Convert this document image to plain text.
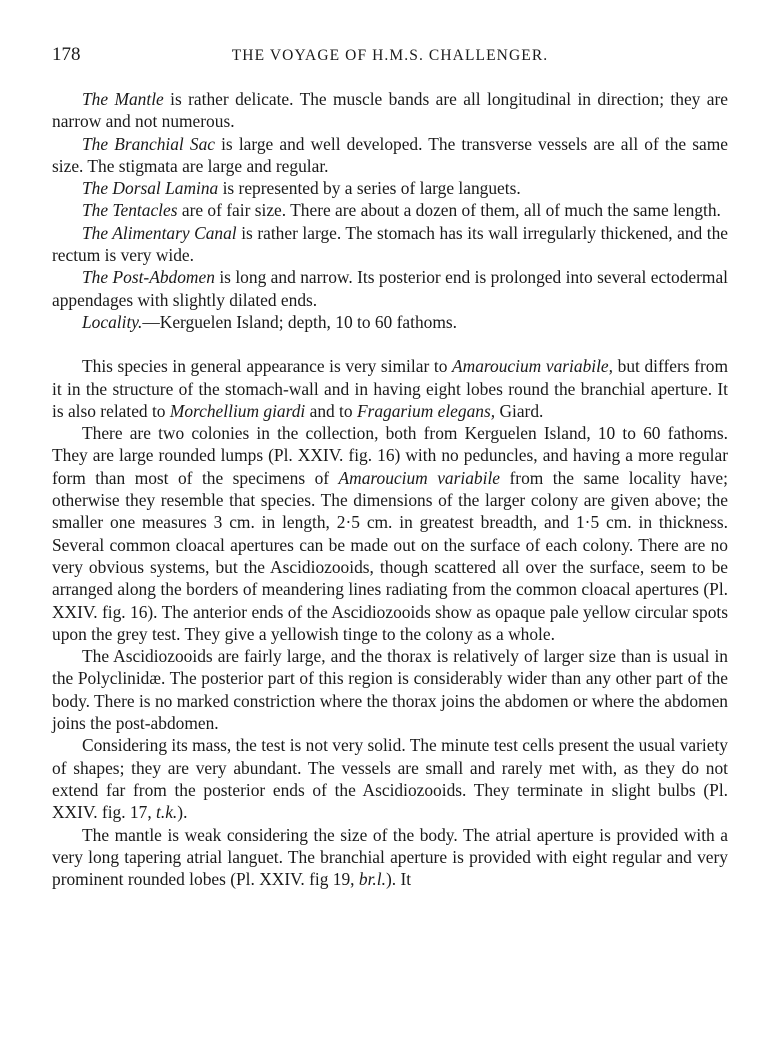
178	THE VOYAGE OF H.M.S. CHALLENGER.

The Mantle is rather delicate. The muscle bands are all longitudinal in direction; they are narrow and not numerous.

The Branchial Sac is large and well developed. The transverse vessels are all of the same size. The stigmata are large and regular.

The Dorsal Lamina is represented by a series of large languets.

The Tentacles are of fair size. There are about a dozen of them, all of much the same length.

The Alimentary Canal is rather large. The stomach has its wall irregularly thickened, and the rectum is very wide.

The Post-Abdomen is long and narrow. Its posterior end is prolonged into several ectodermal appendages with slightly dilated ends.

Locality.—Kerguelen Island; depth, 10 to 60 fathoms.

This species in general appearance is very similar to Amaroucium variabile, but differs from it in the structure of the stomach-wall and in having eight lobes round the branchial aperture. It is also related to Morchellium giardi and to Fragarium elegans, Giard.

There are two colonies in the collection, both from Kerguelen Island, 10 to 60 fathoms. They are large rounded lumps (Pl. XXIV. fig. 16) with no peduncles, and having a more regular form than most of the specimens of Amaroucium variabile from the same locality have; otherwise they resemble that species. The dimensions of the larger colony are given above; the smaller one measures 3 cm. in length, 2·5 cm. in greatest breadth, and 1·5 cm. in thickness. Several common cloacal apertures can be made out on the surface of each colony. There are no very obvious systems, but the Ascidiozooids, though scattered all over the surface, seem to be arranged along the borders of meandering lines radiating from the common cloacal apertures (Pl. XXIV. fig. 16). The anterior ends of the Ascidiozooids show as opaque pale yellow circular spots upon the grey test. They give a yellowish tinge to the colony as a whole.

The Ascidiozooids are fairly large, and the thorax is relatively of larger size than is usual in the Polyclinidæ. The posterior part of this region is considerably wider than any other part of the body. There is no marked constriction where the thorax joins the abdomen or where the abdomen joins the post-abdomen.

Considering its mass, the test is not very solid. The minute test cells present the usual variety of shapes; they are very abundant. The vessels are small and rarely met with, as they do not extend far from the posterior ends of the Ascidiozooids. They terminate in slight bulbs (Pl. XXIV. fig. 17, t.k.).

The mantle is weak considering the size of the body. The atrial aperture is provided with a very long tapering atrial languet. The branchial aperture is provided with eight regular and very prominent rounded lobes (Pl. XXIV. fig 19, br.l.). It
